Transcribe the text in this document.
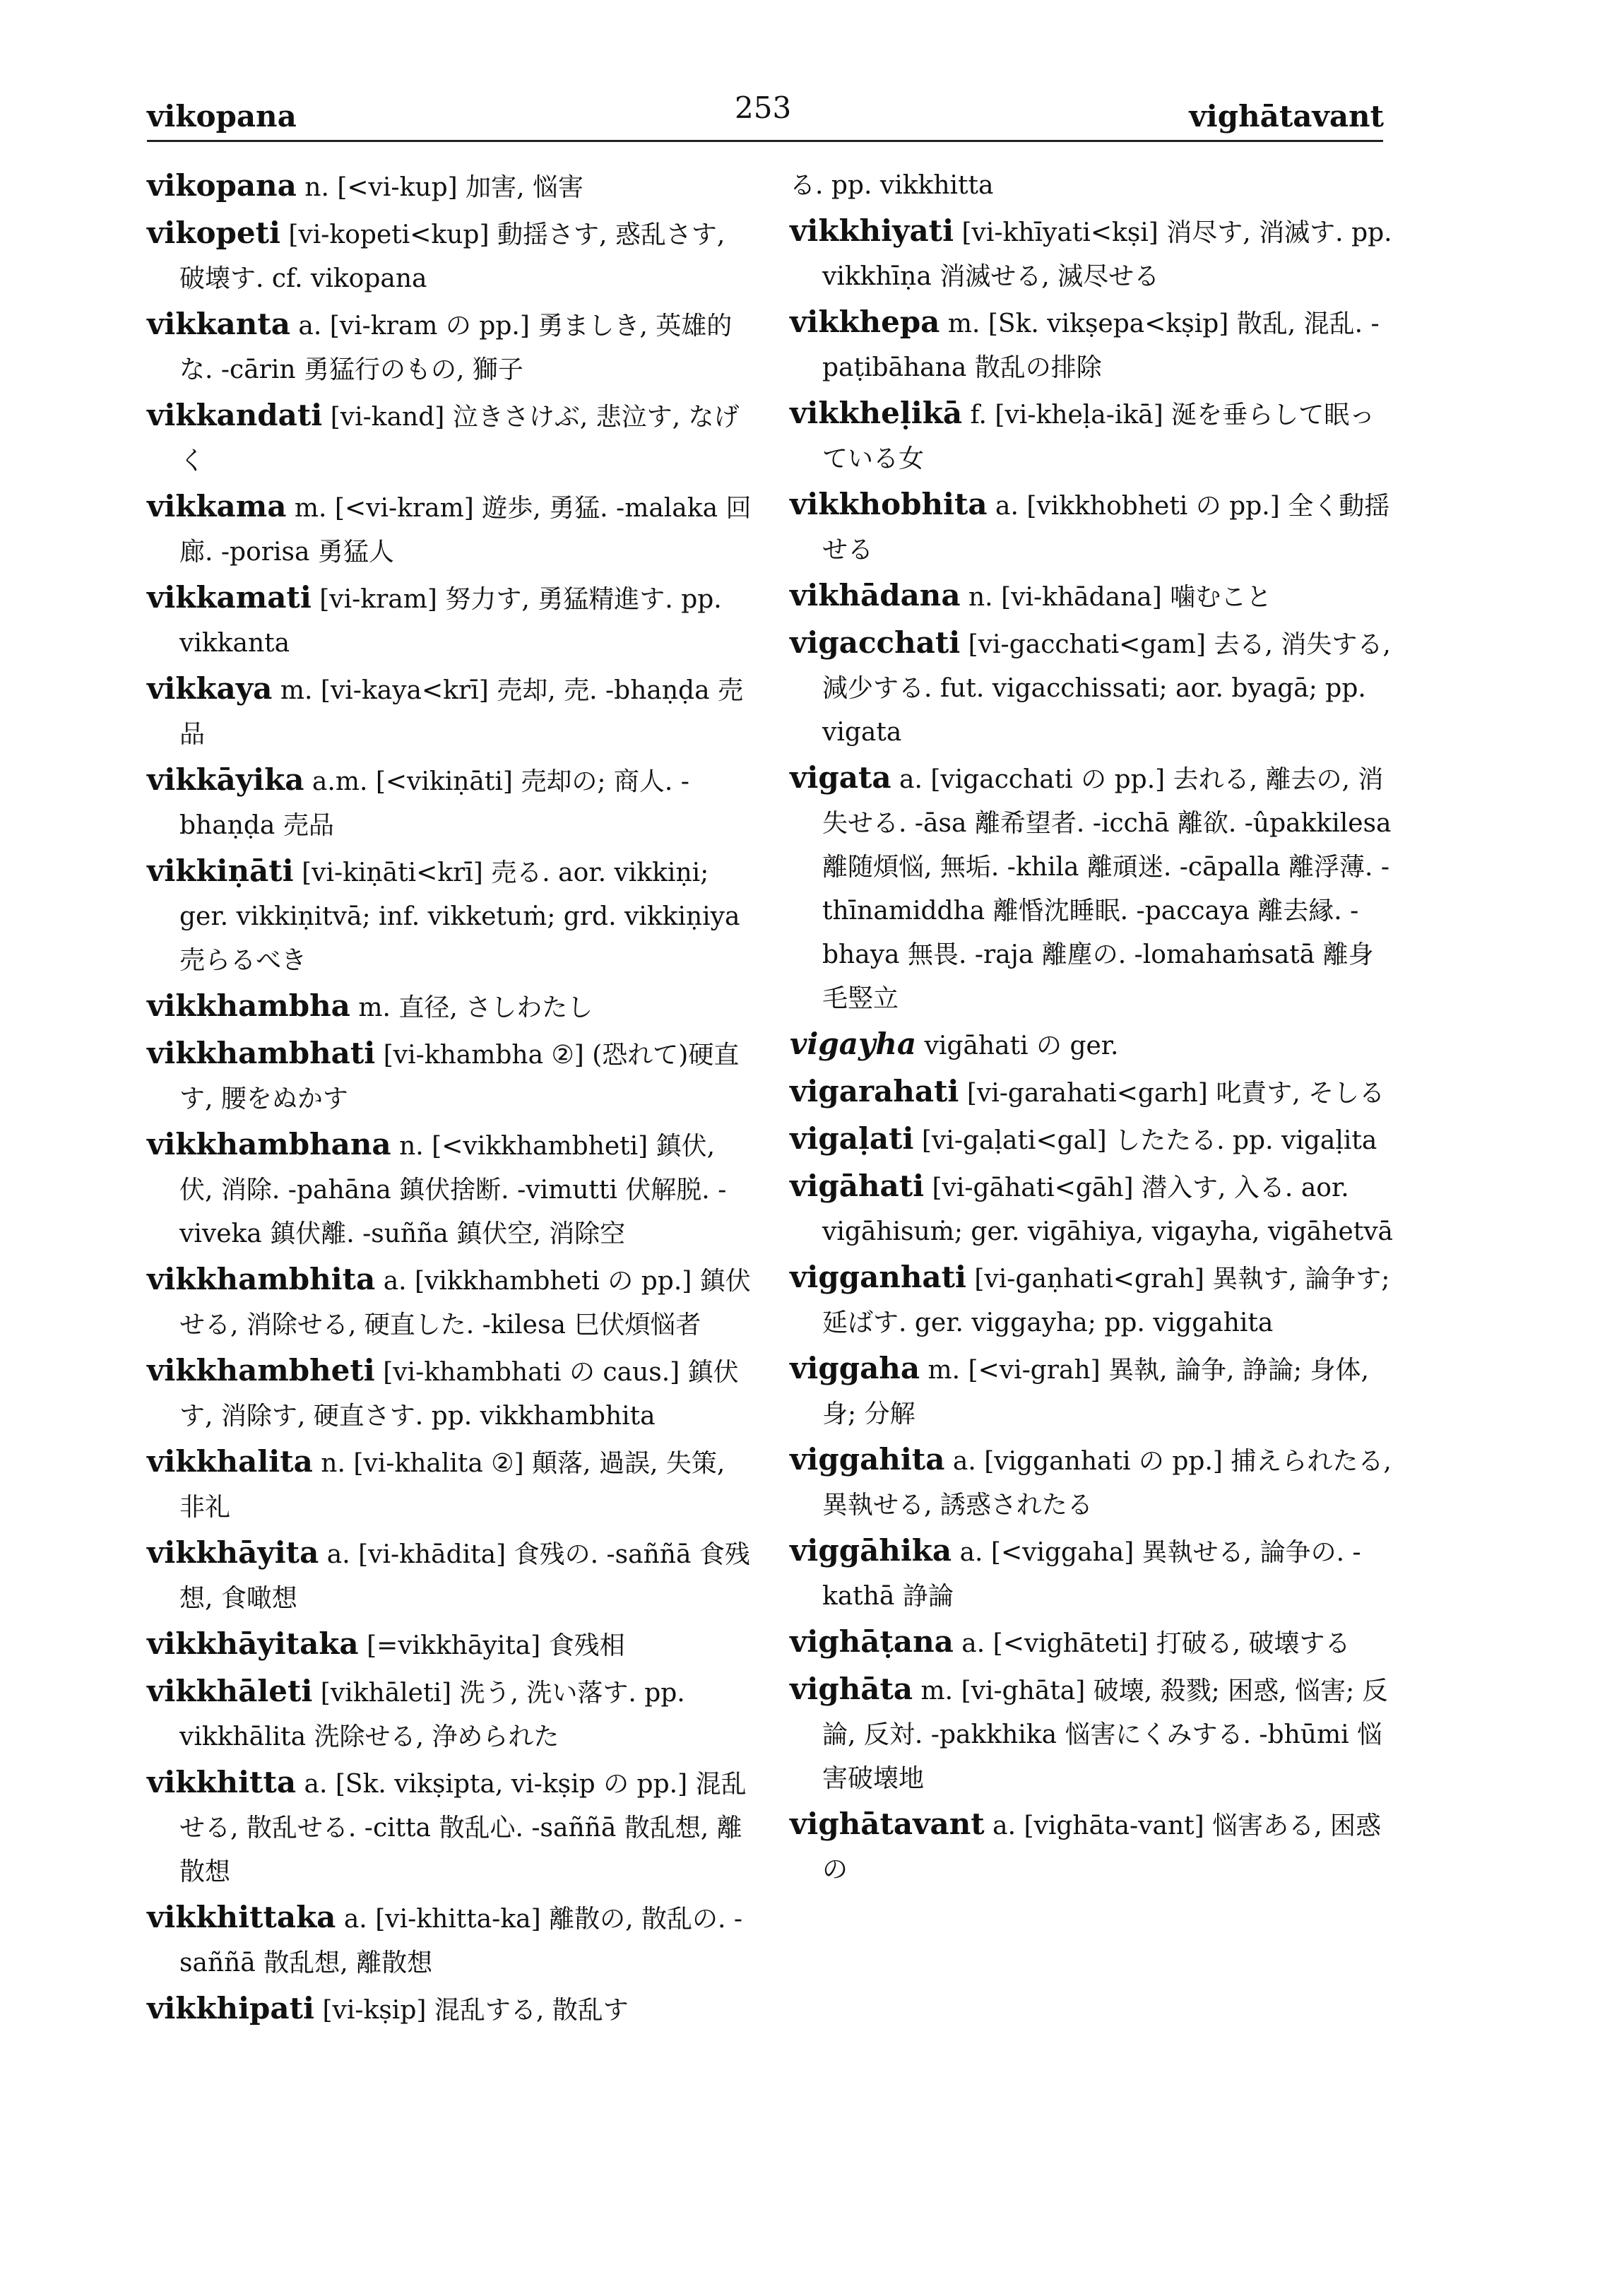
vikopana	253	vighātavant
vikopana n. [<vi-kup] 加害, 悩害
vikopeti [vi-kopeti<kup] 動揺さす, 惑乱さす, 破壊す. cf. vikopana
vikkanta a. [vi-kram の pp.] 勇ましき, 英雄的な. -cārin 勇猛行のもの, 獅子
vikkandati [vi-kand] 泣きさけぶ, 悲泣す, なげく
vikkama m. [<vi-kram] 遊歩, 勇猛. -malaka 回廊. -porisa 勇猛人
vikkamati [vi-kram] 努力す, 勇猛精進す. pp. vikkanta
vikkaya m. [vi-kaya<krī] 売却, 売. -bhaṇḍa 売品
vikkāyika a.m. [<vikiṇāti] 売却の; 商人. -bhaṇḍa 売品
vikkiṇāti [vi-kiṇāti<krī] 売る. aor. vikkiṇi; ger. vikkiṇitvā; inf. vikketuṁ; grd. vikkiṇiya 売らるべき
vikkhambha m. 直径, さしわたし
vikkhambhati [vi-khambha ②] (恐れて)硬直す, 腰をぬかす
vikkhambhana n. [<vikkhambheti] 鎮伏, 伏, 消除. -pahāna 鎮伏捨断. -vimutti 伏解脱. -viveka 鎮伏離. -suñña 鎮伏空, 消除空
vikkhambhita a. [vikkhambheti の pp.] 鎮伏せる, 消除せる, 硬直した. -kilesa 巳伏煩悩者
vikkhambheti [vi-khambhati の caus.] 鎮伏す, 消除す, 硬直さす. pp. vikkhambhita
vikkhalita n. [vi-khalita ②] 顛落, 過誤, 失策, 非礼
vikkhāyita a. [vi-khādita] 食残の. -saññā 食残想, 食噉想
vikkhāyitaka [=vikkhāyita] 食残相
vikkhāleti [vikhāleti] 洗う, 洗い落す. pp. vikkhālita 洗除せる, 浄められた
vikkhitta a. [Sk. vikṣipta, vi-kṣip の pp.] 混乱せる, 散乱せる. -citta 散乱心. -saññā 散乱想, 離散想
vikkhittaka a. [vi-khitta-ka] 離散の, 散乱の. -saññā 散乱想, 離散想
vikkhipati [vi-kṣip] 混乱する, 散乱す
る. pp. vikkhitta
vikkhiyati [vi-khīyati<kṣi] 消尽す, 消滅す. pp. vikkhīṇa 消滅せる, 滅尽せる
vikkhepa m. [Sk. vikṣepa<kṣip] 散乱, 混乱. -paṭibāhana 散乱の排除
vikkheḷikā f. [vi-kheḷa-ikā] 涎を垂らして眠っている女
vikkhobhita a. [vikkhobheti の pp.] 全く動揺せる
vikhādana n. [vi-khādana] 噛むこと
vigacchati [vi-gacchati<gam] 去る, 消失する, 減少する. fut. vigacchissati; aor. byagā; pp. vigata
vigata a. [vigacchati の pp.] 去れる, 離去の, 消失せる. -āsa 離希望者. -icchā 離欲. -ûpakkilesa 離随煩悩, 無垢. -khila 離頑迷. -cāpalla 離浮薄. -thīnamiddha 離惛沈睡眠. -paccaya 離去縁. -bhaya 無畏. -raja 離塵の. -lomahaṁsatā 離身毛竪立
vigayha vigāhati の ger.
vigarahati [vi-garahati<garh] 叱責す, そしる
vigaḷati [vi-gaḷati<gal] したたる. pp. vigaḷita
vigāhati [vi-gāhati<gāh] 潜入す, 入る. aor. vigāhisuṁ; ger. vigāhiya, vigayha, vigāhetvā
vigganhati [vi-gaṇhati<grah] 異執す, 論争す; 延ばす. ger. viggayha; pp. viggahita
viggaha m. [<vi-grah] 異執, 論争, 諍論; 身体, 身; 分解
viggahita a. [vigganhati の pp.] 捕えられたる, 異執せる, 誘惑されたる
viggāhika a. [<viggaha] 異執せる, 論争の. -kathā 諍論
vighāṭana a. [<vighāteti] 打破る, 破壊する
vighāta m. [vi-ghāta] 破壊, 殺戮; 困惑, 悩害; 反論, 反対. -pakkhika 悩害にくみする. -bhūmi 悩害破壊地
vighātavant a. [vighāta-vant] 悩害ある, 困惑の
